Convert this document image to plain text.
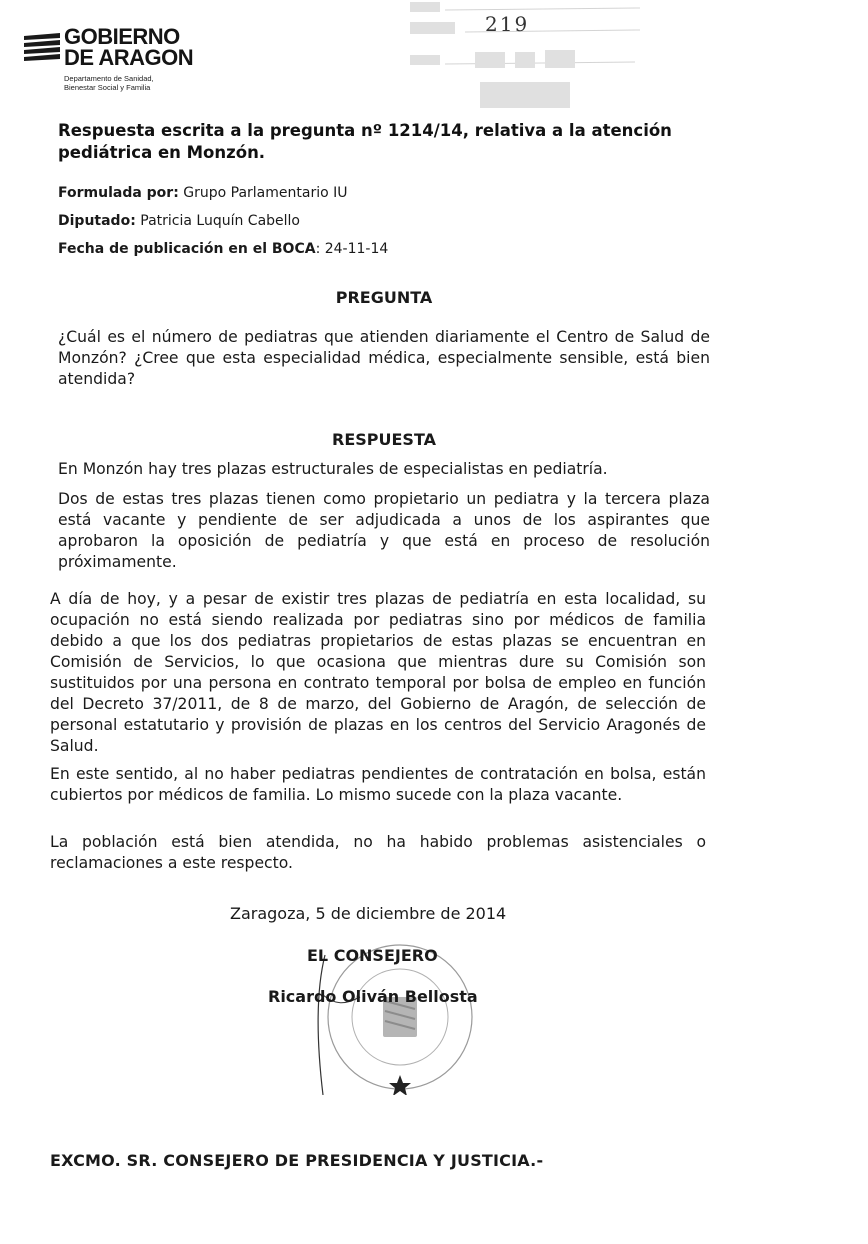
GOBIERNO
DE ARAGON
Departamento de Sanidad,
Bienestar Social y Familia
219
Respuesta escrita a la pregunta nº 1214/14, relativa a la atención pediátrica en Monzón.
Formulada por: Grupo Parlamentario IU
Diputado: Patricia Luquín Cabello
Fecha de publicación en el BOCA: 24-11-14
PREGUNTA
¿Cuál es el número de pediatras que atienden diariamente el Centro de Salud de Monzón? ¿Cree que esta especialidad médica, especialmente sensible, está bien atendida?
RESPUESTA
En Monzón hay tres plazas estructurales de especialistas en pediatría.
Dos de estas tres plazas tienen como propietario un pediatra y la tercera plaza está vacante y pendiente de ser adjudicada a unos de los aspirantes que aprobaron la oposición de pediatría y que está en proceso de resolución próximamente.
A día de hoy, y a pesar de existir tres plazas de pediatría en esta localidad, su ocupación no está siendo realizada por pediatras sino por médicos de familia debido a que los dos pediatras propietarios de estas plazas se encuentran en Comisión de Servicios, lo que ocasiona que mientras dure su Comisión son sustituidos por una persona en contrato temporal por bolsa de empleo en función del Decreto 37/2011, de 8 de marzo, del Gobierno de Aragón, de selección de personal estatutario y provisión de plazas en los centros del Servicio Aragonés de Salud.
En este sentido, al no haber pediatras pendientes de contratación en bolsa, están cubiertos por médicos de familia. Lo mismo sucede con la plaza vacante.
La población está bien atendida, no ha habido problemas asistenciales o reclamaciones a este respecto.
Zaragoza, 5 de diciembre de 2014
EL CONSEJERO
Ricardo Oliván Bellosta
EXCMO. SR. CONSEJERO DE PRESIDENCIA Y JUSTICIA.-
